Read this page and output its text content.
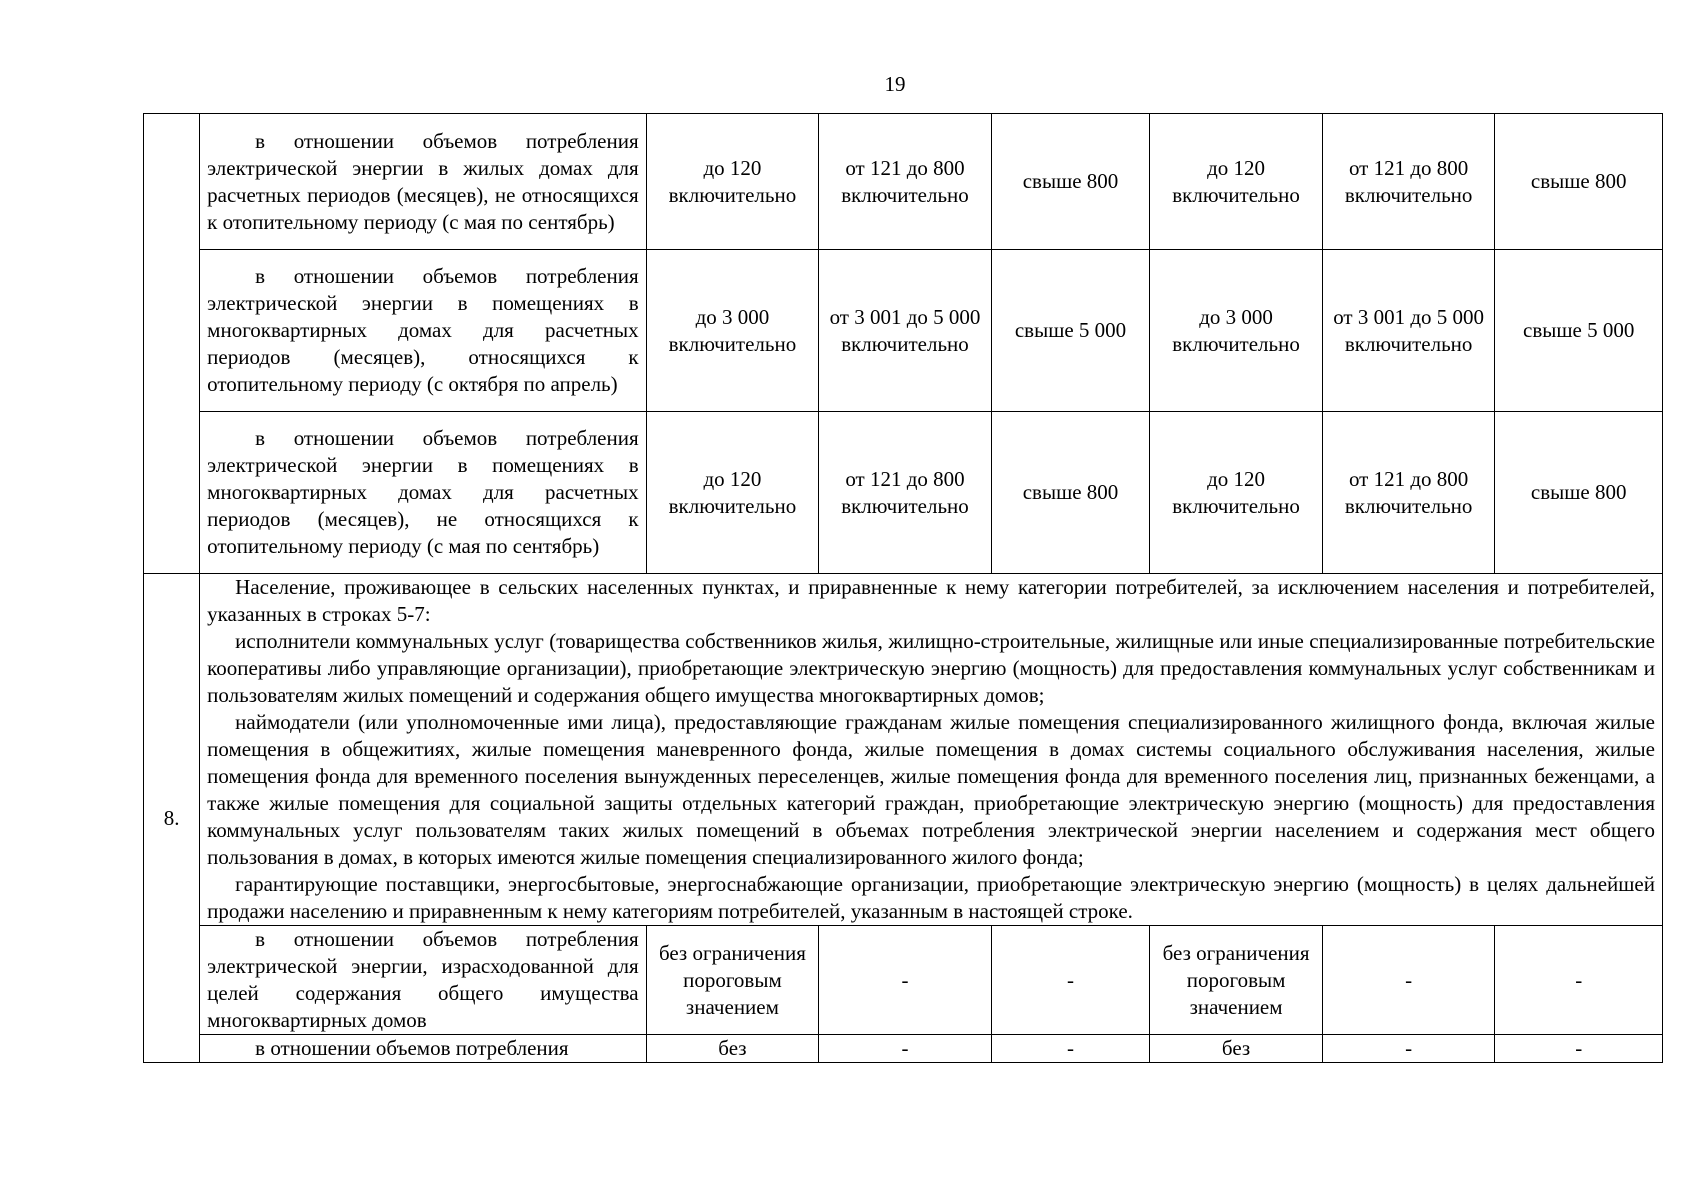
19

	в отношении объемов потребления электрической энергии в жилых домах для расчетных периодов (месяцев), не относящихся к отопительному периоду (с мая по сентябрь)	до 120 включительно	от 121 до 800 включительно	свыше 800	до 120 включительно	от 121 до 800 включительно	свыше 800

	в отношении объемов потребления электрической энергии в помещениях в многоквартирных домах для расчетных периодов (месяцев), относящихся к отопительному периоду (с октября по апрель)	до 3 000 включительно	от 3 001 до 5 000 включительно	свыше 5 000	до 3 000 включительно	от 3 001 до 5 000 включительно	свыше 5 000

	в отношении объемов потребления электрической энергии в помещениях в многоквартирных домах для расчетных периодов (месяцев), не относящихся к отопительному периоду (с мая по сентябрь)	до 120 включительно	от 121 до 800 включительно	свыше 800	до 120 включительно	от 121 до 800 включительно	свыше 800
8.	Население, проживающее в сельских населенных пунктах, и приравненные к нему категории потребителей, за исключением населения и потребителей, указанных в строках 5-7:
исполнители коммунальных услуг (товарищества собственников жилья, жилищно-строительные, жилищные или иные специализированные потребительские кооперативы либо управляющие организации), приобретающие электрическую энергию (мощность) для предоставления коммунальных услуг собственникам и пользователям жилых помещений и содержания общего имущества многоквартирных домов;
наймодатели (или уполномоченные ими лица), предоставляющие гражданам жилые помещения специализированного жилищного фонда, включая жилые помещения в общежитиях, жилые помещения маневренного фонда, жилые помещения в домах системы социального обслуживания населения, жилые помещения фонда для временного поселения вынужденных переселенцев, жилые помещения фонда для временного поселения лиц, признанных беженцами, а также жилые помещения для социальной защиты отдельных категорий граждан, приобретающие электрическую энергию (мощность) для предоставления коммунальных услуг пользователям таких жилых помещений в объемах потребления электрической энергии населением и содержания мест общего пользования в домах, в которых имеются жилые помещения специализированного жилого фонда;
гарантирующие поставщики, энергосбытовые, энергоснабжающие организации, приобретающие электрическую энергию (мощность) в целях дальнейшей продажи населению и приравненным к нему категориям потребителей, указанным в настоящей строке.						

	в отношении объемов потребления электрической энергии, израсходованной для целей содержания общего имущества многоквартирных домов	без ограничения пороговым значением	-	-	без ограничения пороговым значением	-	-

	в отношении объемов потребления	без	-	-	без	-	-
